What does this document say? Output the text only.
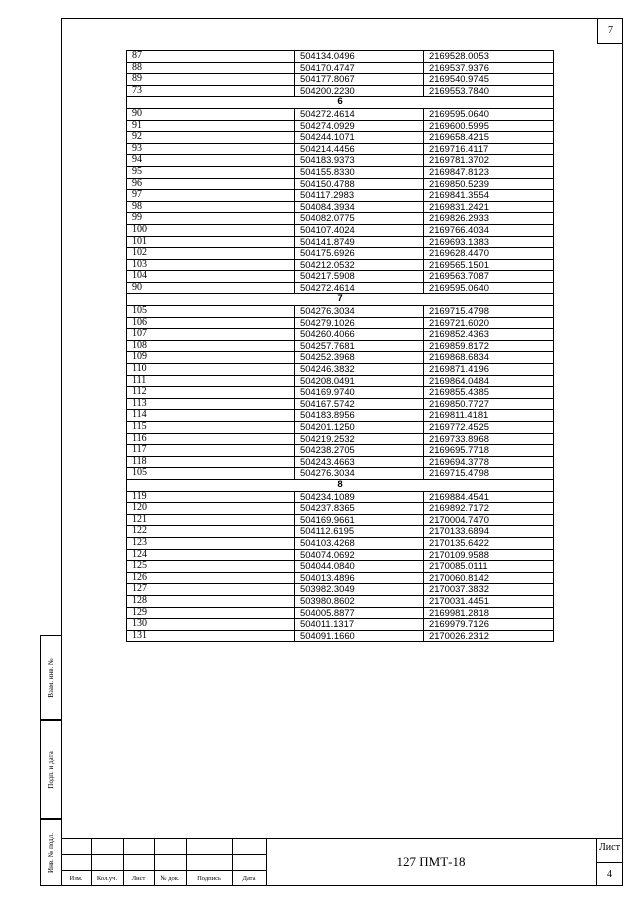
7
87	504134.0496	2169528.0053
88	504170.4747	2169537.9376
89	504177.8067	2169540.9745
73	504200.2230	2169553.7840
6		
90	504272.4614	2169595.0640
91	504274.0929	2169600.5995
92	504244.1071	2169658.4215
93	504214.4456	2169716.4117
94	504183.9373	2169781.3702
95	504155.8330	2169847.8123
96	504150.4788	2169850.5239
97	504117.2983	2169841.3554
98	504084.3934	2169831.2421
99	504082.0775	2169826.2933
100	504107.4024	2169766.4034
101	504141.8749	2169693.1383
102	504175.6926	2169628.4470
103	504212.0532	2169565.1501
104	504217.5908	2169563.7087
90	504272.4614	2169595.0640
7		
105	504276.3034	2169715.4798
106	504279.1026	2169721.6020
107	504260.4066	2169852.4363
108	504257.7681	2169859.8172
109	504252.3968	2169868.6834
110	504246.3832	2169871.4196
111	504208.0491	2169864.0484
112	504169.9740	2169855.4385
113	504167.5742	2169850.7727
114	504183.8956	2169811.4181
115	504201.1250	2169772.4525
116	504219.2532	2169733.8968
117	504238.2705	2169695.7718
118	504243.4663	2169694.3778
105	504276.3034	2169715.4798
8		
119	504234.1089	2169884.4541
120	504237.8365	2169892.7172
121	504169.9661	2170004.7470
122	504112.6195	2170133.6894
123	504103.4268	2170135.6422
124	504074.0692	2170109.9588
125	504044.0840	2170085.0111
126	504013.4896	2170060.8142
127	503982.3049	2170037.3832
128	503980.8602	2170031.4451
129	504005.8877	2169981.2818
130	504011.1317	2169979.7126
131	504091.1660	2170026.2312
Взам. инв. №
Подп. и дата
Инв. № подл.
Изм.	Кол.уч.	Лист	№ док.	Подпись	Дата
127 ПМТ-18
Лист
4
